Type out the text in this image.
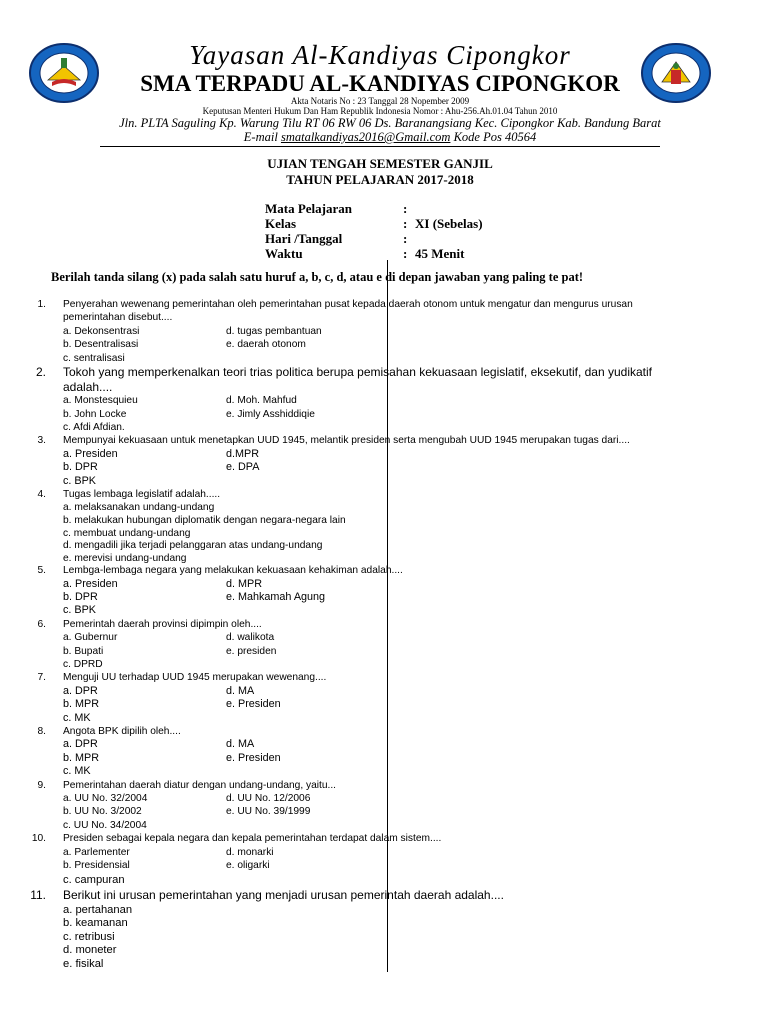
Yayasan Al-Kandiyas Cipongkor
SMA TERPADU AL-KANDIYAS CIPONGKOR
Akta Notaris No : 23 Tanggal 28 Nopember 2009
Keputusan Menteri Hukum Dan Ham Republik Indonesia Nomor : Ahu-256.Ah.01.04 Tahun 2010
Jln. PLTA Saguling Kp. Warung Tilu RT 06 RW 06 Ds. Baranangsiang Kec. Cipongkor Kab. Bandung Barat
E-mail smatalkandiyas2016@Gmail.com Kode Pos 40564
UJIAN TENGAH SEMESTER GANJIL
TAHUN PELAJARAN 2017-2018
Mata Pelajaran	:
Kelas	: XI (Sebelas)
Hari /Tanggal	:
Waktu	: 45 Menit
Berilah tanda silang (x) pada salah satu huruf a, b, c, d, atau e di depan jawaban yang paling te pat!
1. Penyerahan wewenang pemerintahan oleh pemerintahan pusat kepada daerah otonom untuk mengatur dan mengurus urusan
pemerintahan disebut....
a. Dekonsentrasi	d. tugas pembantuan
b. Desentralisasi	e. daerah otonom
c. sentralisasi
2. Tokoh yang memperkenalkan teori trias politica berupa pemisahan kekuasaan legislatif, eksekutif, dan yudikatif
adalah....
a. Monstesquieu	d. Moh. Mahfud
b. John Locke	e. Jimly Asshiddiqie
c. Afdi Afdian.
3. Mempunyai kekuasaan untuk menetapkan UUD 1945, melantik presiden serta mengubah UUD 1945 merupakan tugas dari....
a. Presiden	d.MPR
b. DPR	e. DPA
c. BPK
4. Tugas lembaga legislatif adalah.....
a. melaksanakan undang-undang
b. melakukan hubungan diplomatik dengan negara-negara lain
c. membuat undang-undang
d. mengadili jika terjadi pelanggaran atas undang-undang
e. merevisi undang-undang
5. Lembga-lembaga negara yang melakukan kekuasaan kehakiman adalah....
a. Presiden	d. MPR
b. DPR	e. Mahkamah Agung
c. BPK
6. Pemerintah daerah provinsi dipimpin oleh....
a. Gubernur	d. walikota
b. Bupati	e. presiden
c. DPRD
7. Menguji UU terhadap UUD 1945 merupakan wewenang....
a. DPR	d. MA
b. MPR	e. Presiden
c. MK
8. Angota BPK dipilih oleh....
a. DPR	d. MA
b. MPR	e. Presiden
c. MK
9. Pemerintahan daerah diatur dengan undang-undang, yaitu...
a. UU No. 32/2004	d. UU No. 12/2006
b. UU No. 3/2002	e. UU No. 39/1999
c. UU No. 34/2004
10. Presiden sebagai kepala negara dan kepala pemerintahan terdapat dalam sistem....
a. Parlementer	d. monarki
b. Presidensial	e. oligarki
c. campuran
11. Berikut ini urusan pemerintahan yang menjadi urusan pemerintah daerah adalah....
a. pertahanan
b. keamanan
c. retribusi
d. moneter
e. fisikal
